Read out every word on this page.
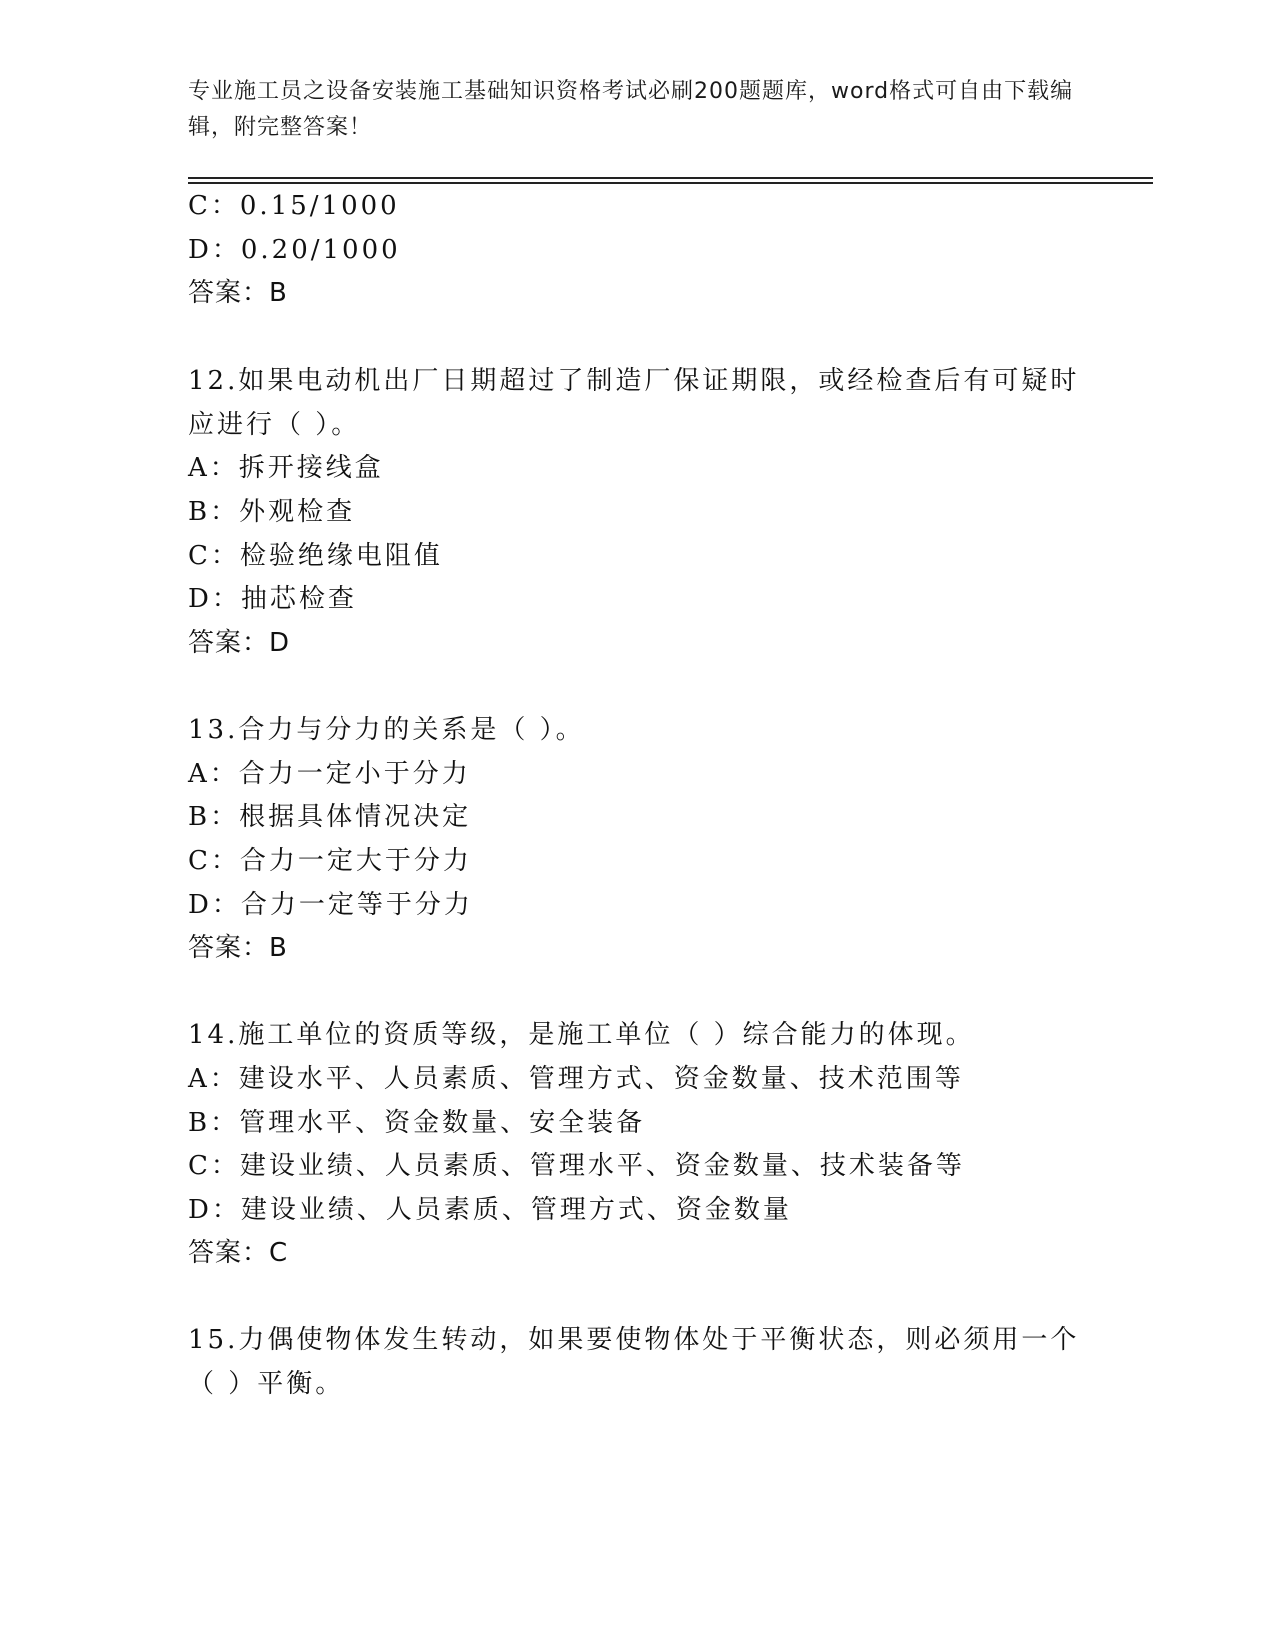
专业施工员之设备安装施工基础知识资格考试必刷200题题库，word格式可自由下载编辑，附完整答案！
C：0.15/1000
D：0.20/1000
答案：B
12.如果电动机出厂日期超过了制造厂保证期限，或经检查后有可疑时
应进行（ ）。
A：拆开接线盒
B：外观检查
C：检验绝缘电阻值
D：抽芯检查
答案：D
13.合力与分力的关系是（ ）。
A：合力一定小于分力
B：根据具体情况决定
C：合力一定大于分力
D：合力一定等于分力
答案：B
14.施工单位的资质等级，是施工单位（ ）综合能力的体现。
A：建设水平、人员素质、管理方式、资金数量、技术范围等
B：管理水平、资金数量、安全装备
C：建设业绩、人员素质、管理水平、资金数量、技术装备等
D：建设业绩、人员素质、管理方式、资金数量
答案：C
15.力偶使物体发生转动，如果要使物体处于平衡状态，则必须用一个
（ ）平衡。
